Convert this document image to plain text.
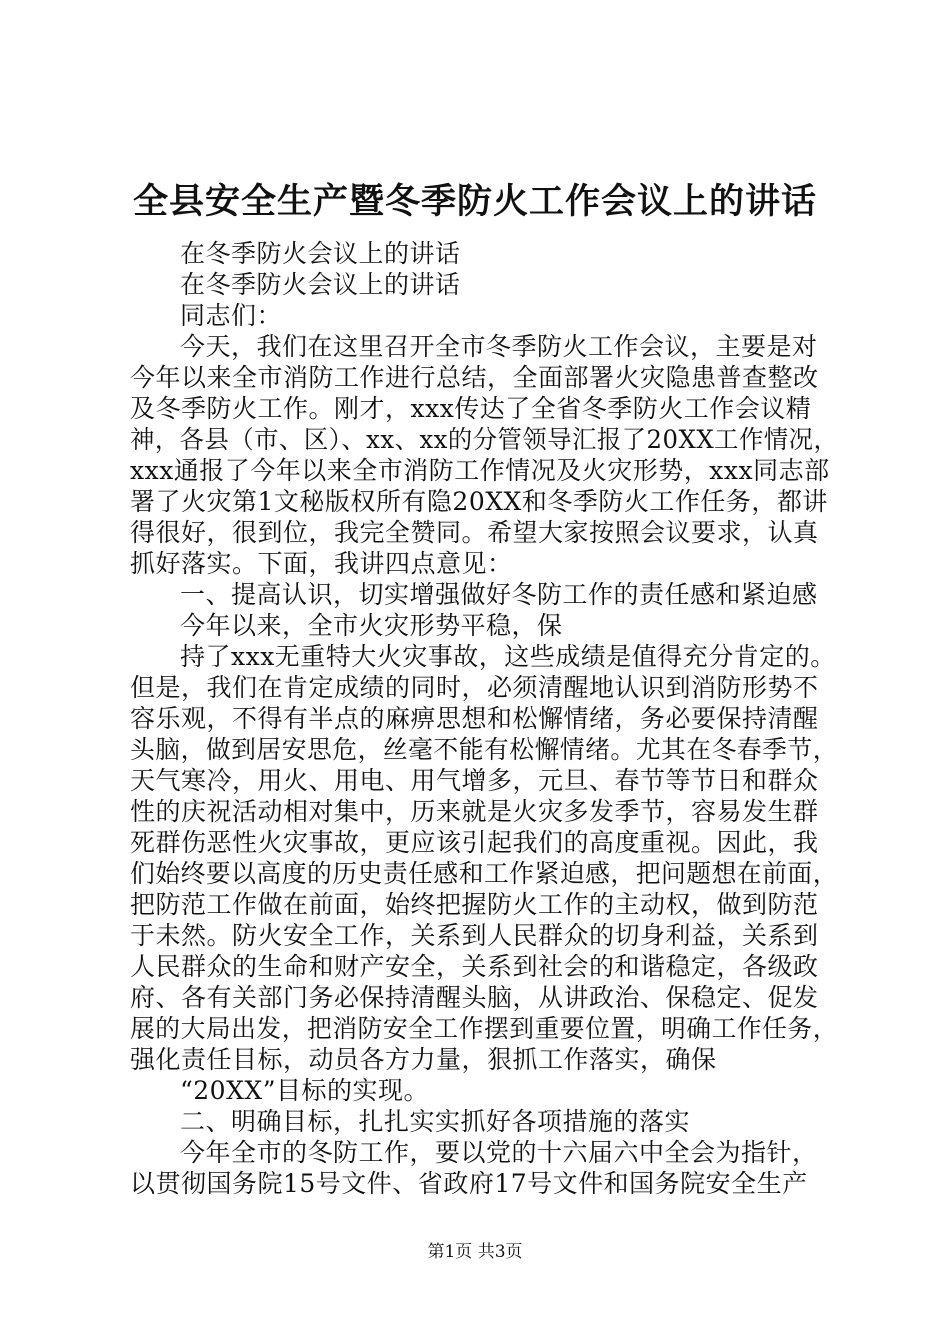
全县安全生产暨冬季防火工作会议上的讲话
在冬季防火会议上的讲话
在冬季防火会议上的讲话
同志们：
今天，我们在这里召开全市冬季防火工作会议，主要是对
今年以来全市消防工作进行总结，全面部署火灾隐患普查整改
及冬季防火工作。刚才，xxx传达了全省冬季防火工作会议精
神，各县（市、区）、xx、xx的分管领导汇报了20XX工作情况，
xxx通报了今年以来全市消防工作情况及火灾形势，xxx同志部
署了火灾第1文秘版权所有隐20XX和冬季防火工作任务，都讲
得很好，很到位，我完全赞同。希望大家按照会议要求，认真
抓好落实。下面，我讲四点意见：
一、提高认识，切实增强做好冬防工作的责任感和紧迫感
今年以来，全市火灾形势平稳，保
持了xxx无重特大火灾事故，这些成绩是值得充分肯定的。
但是，我们在肯定成绩的同时，必须清醒地认识到消防形势不
容乐观，不得有半点的麻痹思想和松懈情绪，务必要保持清醒
头脑，做到居安思危，丝毫不能有松懈情绪。尤其在冬春季节，
天气寒冷，用火、用电、用气增多，元旦、春节等节日和群众
性的庆祝活动相对集中，历来就是火灾多发季节，容易发生群
死群伤恶性火灾事故，更应该引起我们的高度重视。因此，我
们始终要以高度的历史责任感和工作紧迫感，把问题想在前面，
把防范工作做在前面，始终把握防火工作的主动权，做到防范
于未然。防火安全工作，关系到人民群众的切身利益，关系到
人民群众的生命和财产安全，关系到社会的和谐稳定，各级政
府、各有关部门务必保持清醒头脑，从讲政治、保稳定、促发
展的大局出发，把消防安全工作摆到重要位置，明确工作任务，
强化责任目标，动员各方力量，狠抓工作落实，确保
“20XX”目标的实现。
二、明确目标，扎扎实实抓好各项措施的落实
今年全市的冬防工作，要以党的十六届六中全会为指针，
以贯彻国务院15号文件、省政府17号文件和国务院安全生产
第1页 共3页
